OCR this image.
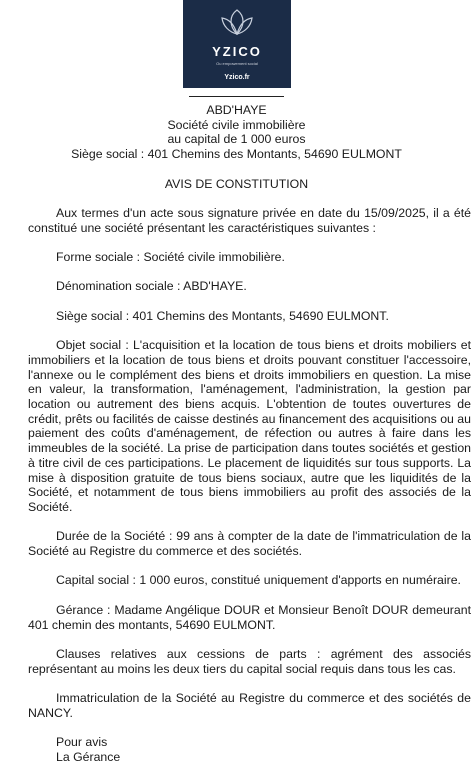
YZICO
Ou empowement social
Yzico.fr
ABD'HAYE
Société civile immobilière
au capital de 1 000 euros
Siège social : 401 Chemins des Montants, 54690 EULMONT
AVIS DE CONSTITUTION

Aux termes d'un acte sous signature privée en date du 15/09/2025, il a été constitué une société présentant les caractéristiques suivantes :

Forme sociale : Société civile immobilière.

Dénomination sociale : ABD'HAYE.

Siège social : 401 Chemins des Montants, 54690 EULMONT.

Objet social : L'acquisition et la location de tous biens et droits mobiliers et immobiliers et la location de tous biens et droits pouvant constituer l'accessoire, l'annexe ou le complément des biens et droits immobiliers en question. La mise en valeur, la transformation, l'aménagement, l'administration, la gestion par location ou autrement des biens acquis. L'obtention de toutes ouvertures de crédit, prêts ou facilités de caisse destinés au financement des acquisitions ou au paiement des coûts d'aménagement, de réfection ou autres à faire dans les immeubles de la société. La prise de participation dans toutes sociétés et gestion à titre civil de ces participations. Le placement de liquidités sur tous supports. La mise à disposition gratuite de tous biens sociaux, autre que les liquidités de la Société, et notamment de tous biens immobiliers au profit des associés de la Société.

Durée de la Société : 99 ans à compter de la date de l'immatriculation de la Société au Registre du commerce et des sociétés.

Capital social : 1 000 euros, constitué uniquement d'apports en numéraire.

Gérance : Madame Angélique DOUR et Monsieur Benoît DOUR demeurant 401 chemin des montants, 54690 EULMONT.

Clauses relatives aux cessions de parts : agrément des associés représentant au moins les deux tiers du capital social requis dans tous les cas.

Immatriculation de la Société au Registre du commerce et des sociétés de NANCY.

Pour avis

La Gérance
